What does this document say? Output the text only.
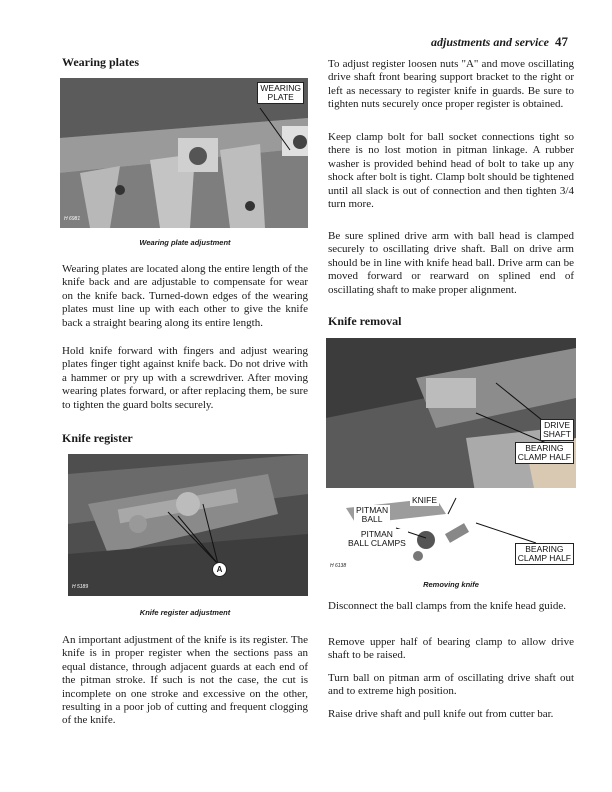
adjustments and service 47
Wearing plates
WEARING
PLATE
H 6981
Wearing plate adjustment
Wearing plates are located along the entire length of the knife back and are adjustable to compensate for wear on the knife back. Turned-down edges of the wearing plates must line up with each other to give the knife back a straight bearing along its entire length.
Hold knife forward with fingers and adjust wearing plates finger tight against knife back. Do not drive with a hammer or pry up with a screwdriver. After moving wearing plates forward, or after replacing them, be sure to tighten the guard bolts securely.
Knife register
A
H 5189
Knife register adjustment
An important adjustment of the knife is its register. The knife is in proper register when the sections pass an equal distance, through adjacent guards at each end of the pitman stroke. If such is not the case, the cut is incomplete on one stroke and excessive on the other, resulting in a poor job of cutting and frequent clogging of the knife.
To adjust register loosen nuts "A" and move oscillating drive shaft front bearing support bracket to the right or left as necessary to register knife in guards. Be sure to tighten nuts securely once proper register is obtained.
Keep clamp bolt for ball socket connections tight so there is no lost motion in pitman linkage. A rubber washer is provided behind head of bolt to take up any shock after bolt is tight. Clamp bolt should be tightened until all slack is out of connection and then tighten 3/4 turn more.
Be sure splined drive arm with ball head is clamped securely to oscillating drive shaft. Ball on drive arm should be in line with knife head ball. Drive arm can be moved forward or rearward on splined end of oscillating shaft to make proper alignment.
Knife removal
DRIVE
SHAFT
BEARING
CLAMP HALF
KNIFE
PITMAN
BALL
PITMAN
BALL CLAMPS
BEARING
CLAMP HALF
H 6138
Removing knife
Disconnect the ball clamps from the knife head guide.
Remove upper half of bearing clamp to allow drive shaft to be raised.
Turn ball on pitman arm of oscillating drive shaft out and to extreme high position.
Raise drive shaft and pull knife out from cutter bar.
